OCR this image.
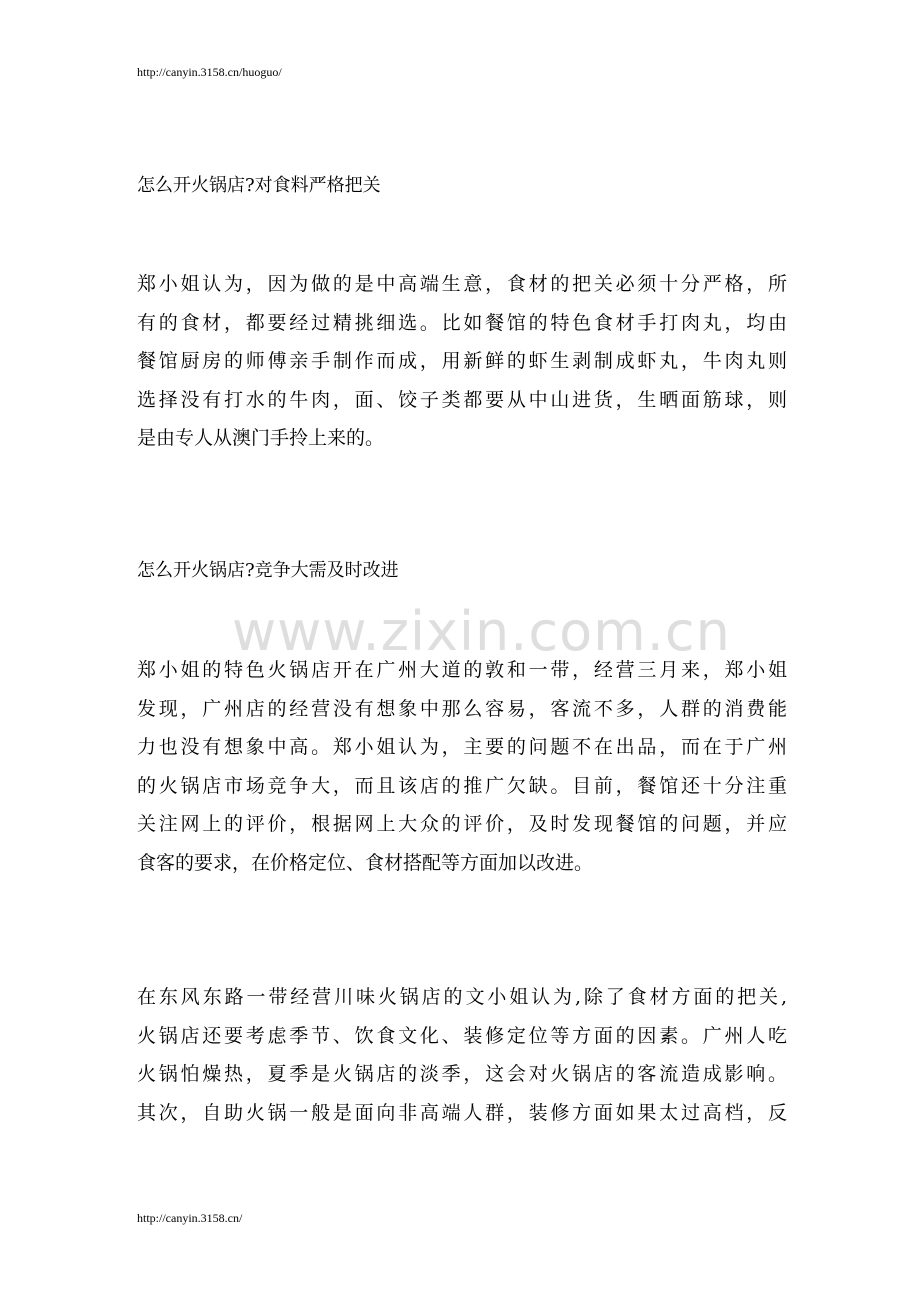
http://canyin.3158.cn/huoguo/
怎么开火锅店?对食料严格把关
郑小姐认为，因为做的是中高端生意，食材的把关必须十分严格，所
有的食材，都要经过精挑细选。比如餐馆的特色食材手打肉丸，均由
餐馆厨房的师傅亲手制作而成，用新鲜的虾生剥制成虾丸，牛肉丸则
选择没有打水的牛肉，面、饺子类都要从中山进货，生晒面筋球，则
是由专人从澳门手拎上来的。
怎么开火锅店?竞争大需及时改进
www.zixin.com.cn
郑小姐的特色火锅店开在广州大道的敦和一带，经营三月来，郑小姐
发现，广州店的经营没有想象中那么容易，客流不多，人群的消费能
力也没有想象中高。郑小姐认为，主要的问题不在出品，而在于广州
的火锅店市场竞争大，而且该店的推广欠缺。目前，餐馆还十分注重
关注网上的评价，根据网上大众的评价，及时发现餐馆的问题，并应
食客的要求，在价格定位、食材搭配等方面加以改进。
在东风东路一带经营川味火锅店的文小姐认为,除了食材方面的把关,
火锅店还要考虑季节、饮食文化、装修定位等方面的因素。广州人吃
火锅怕燥热，夏季是火锅店的淡季，这会对火锅店的客流造成影响。
其次，自助火锅一般是面向非高端人群，装修方面如果太过高档，反
http://canyin.3158.cn/
